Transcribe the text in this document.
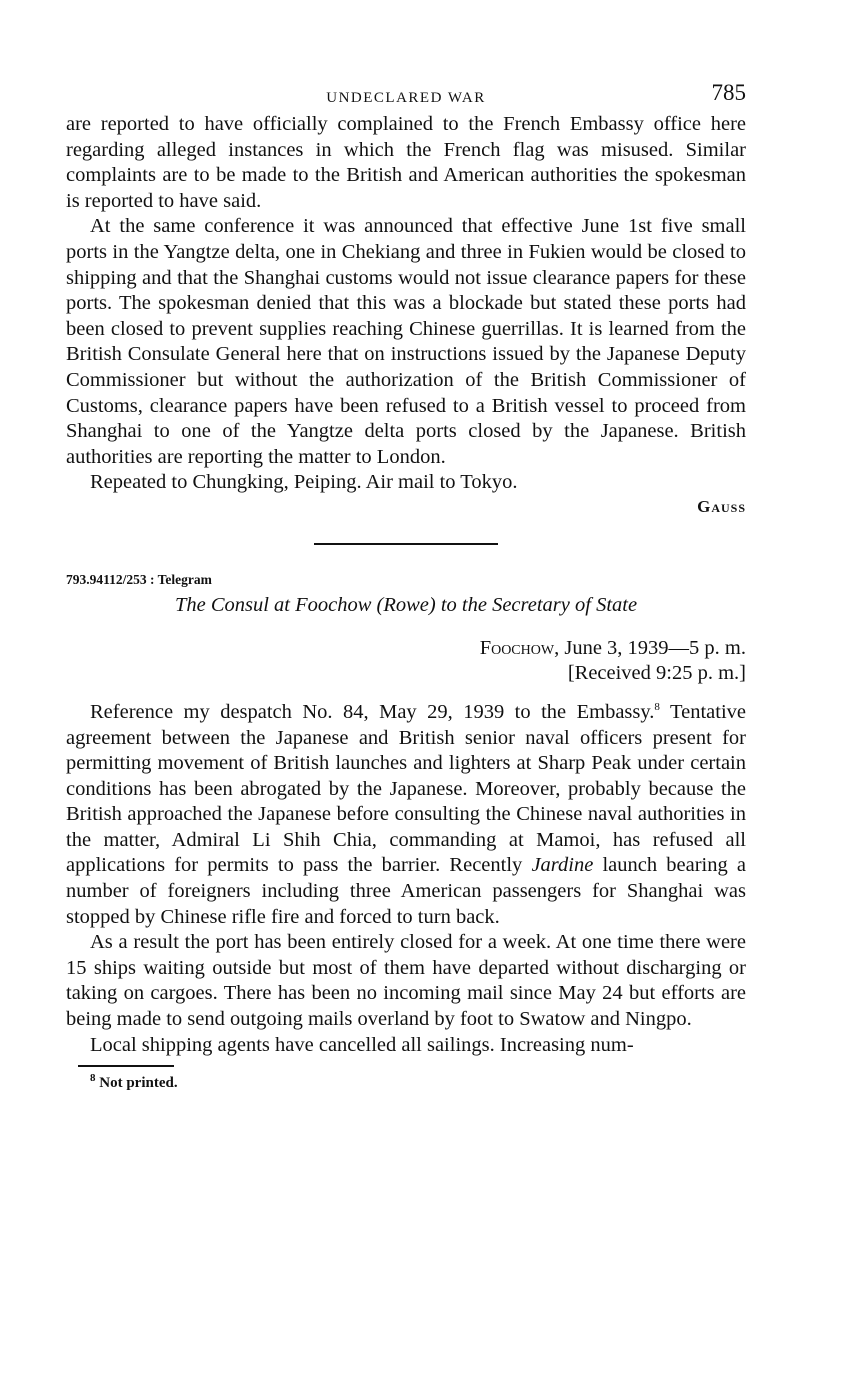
UNDECLARED WAR	785

are reported to have officially complained to the French Embassy office here regarding alleged instances in which the French flag was misused. Similar complaints are to be made to the British and American authorities the spokesman is reported to have said.

At the same conference it was announced that effective June 1st five small ports in the Yangtze delta, one in Chekiang and three in Fukien would be closed to shipping and that the Shanghai customs would not issue clearance papers for these ports. The spokesman denied that this was a blockade but stated these ports had been closed to prevent supplies reaching Chinese guerrillas. It is learned from the British Consulate General here that on instructions issued by the Japanese Deputy Commissioner but without the authorization of the British Commissioner of Customs, clearance papers have been refused to a British vessel to proceed from Shanghai to one of the Yangtze delta ports closed by the Japanese. British authorities are reporting the matter to London.

Repeated to Chungking, Peiping. Air mail to Tokyo.

Gauss
793.94112/253 : Telegram
The Consul at Foochow (Rowe) to the Secretary of State
Foochow, June 3, 1939—5 p. m.
[Received 9:25 p. m.]

Reference my despatch No. 84, May 29, 1939 to the Embassy.$^8$ Tentative agreement between the Japanese and British senior naval officers present for permitting movement of British launches and lighters at Sharp Peak under certain conditions has been abrogated by the Japanese. Moreover, probably because the British approached the Japanese before consulting the Chinese naval authorities in the matter, Admiral Li Shih Chia, commanding at Mamoi, has refused all applications for permits to pass the barrier. Recently Jardine launch bearing a number of foreigners including three American passengers for Shanghai was stopped by Chinese rifle fire and forced to turn back.

As a result the port has been entirely closed for a week. At one time there were 15 ships waiting outside but most of them have departed without discharging or taking on cargoes. There has been no incoming mail since May 24 but efforts are being made to send outgoing mails overland by foot to Swatow and Ningpo.

Local shipping agents have cancelled all sailings. Increasing num-

$^8$ Not printed.
